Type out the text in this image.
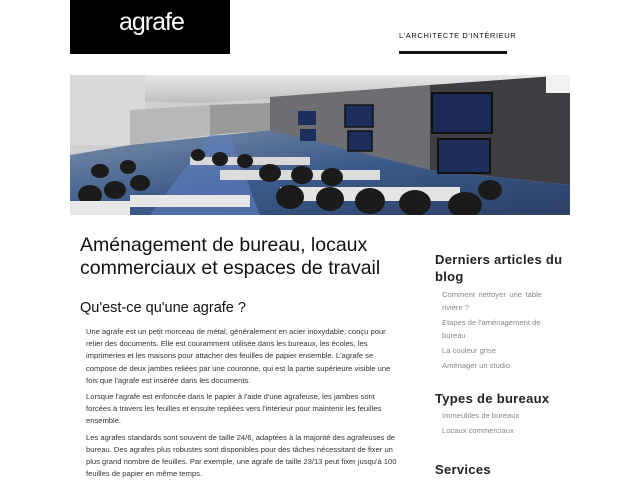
agrafe	L'ARCHITECTE D'INTÉRIEUR
Aménagement de bureau, locaux commerciaux et espaces de travail
Qu'est-ce qu'une agrafe ?

Une agrafe est un petit morceau de métal, généralement en acier inoxydable, conçu pour relier des documents. Elle est couramment utilisée dans les bureaux, les écoles, les imprimeries et les maisons pour attacher des feuilles de papier ensemble. L'agrafe se compose de deux jambes reliées par une couronne, qui est la partie supérieure visible une fois que l'agrafe est insérée dans les documents.

Lorsque l'agrafe est enfoncée dans le papier à l'aide d'une agrafeuse, les jambes sont forcées à travers les feuilles et ensuite repliées vers l'intérieur pour maintenir les feuilles ensemble.

Les agrafes standards sont souvent de taille 24/6, adaptées à la majorité des agrafeuses de bureau. Des agrafes plus robustes sont disponibles pour des tâches nécessitant de fixer un plus grand nombre de feuilles. Par exemple, une agrafe de taille 23/13 peut fixer jusqu'à 100 feuilles de papier en même temps.

Derniers articles du blog
Comment nettoyer une table rivière ?
Etapes de l'aménagement de bureau
La couleur grise
Aménager un studio
Types de bureaux
Immeubles de bureaux
Locaux commerciaux
Services
